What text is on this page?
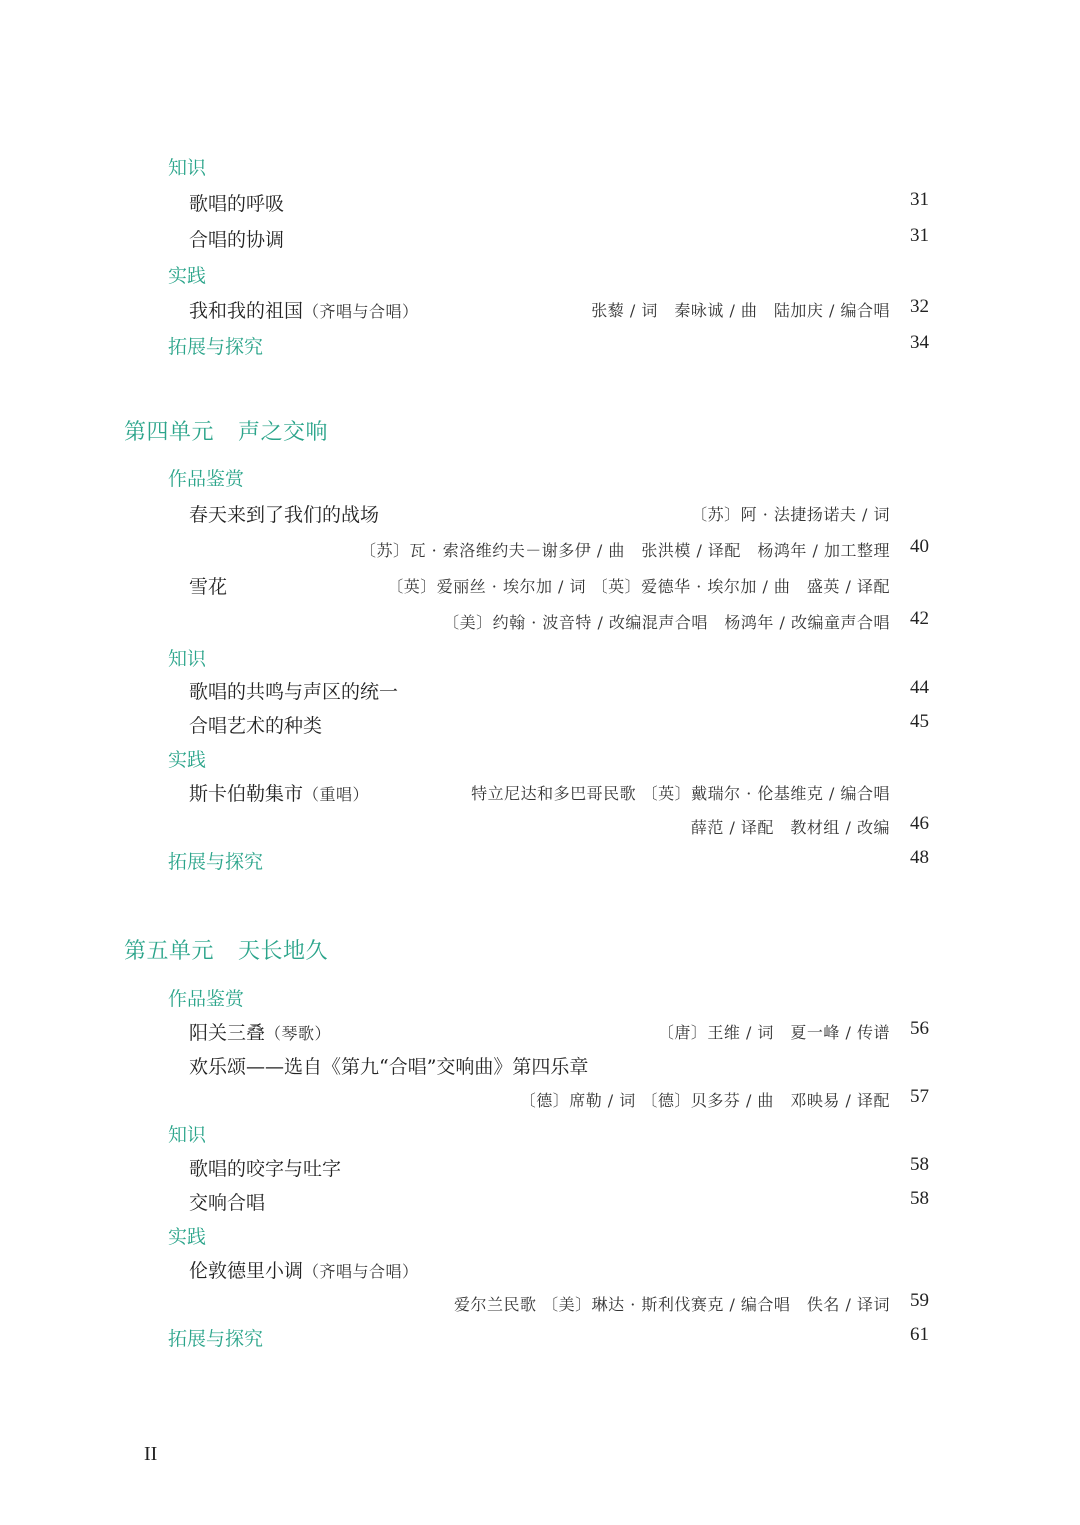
知识
歌唱的呼吸	31
合唱的协调	31
实践
我和我的祖国（齐唱与合唱）	张藜 / 词　秦咏诚 / 曲　陆加庆 / 编合唱	32
拓展与探究	34
第四单元 声之交响
作品鉴赏
春天来到了我们的战场	〔苏〕阿 · 法捷扬诺夫 / 词
〔苏〕瓦 · 索洛维约夫－谢多伊 / 曲　张洪模 / 译配　杨鸿年 / 加工整理	40
雪花	〔英〕爱丽丝 · 埃尔加 / 词 〔英〕爱德华 · 埃尔加 / 曲　盛英 / 译配
〔美〕约翰 · 波音特 / 改编混声合唱　杨鸿年 / 改编童声合唱	42
知识
歌唱的共鸣与声区的统一	44
合唱艺术的种类	45
实践
斯卡伯勒集市（重唱）	特立尼达和多巴哥民歌 〔英〕戴瑞尔 · 伦基维克 / 编合唱
薛范 / 译配　教材组 / 改编	46
拓展与探究	48
第五单元 天长地久
作品鉴赏
阳关三叠（琴歌）	〔唐〕王维 / 词　夏一峰 / 传谱	56
欢乐颂——选自《第九“合唱”交响曲》第四乐章
〔德〕席勒 / 词 〔德〕贝多芬 / 曲　邓映易 / 译配	57
知识
歌唱的咬字与吐字	58
交响合唱	58
实践
伦敦德里小调（齐唱与合唱）
爱尔兰民歌 〔美〕琳达 · 斯利伐赛克 / 编合唱　佚名 / 译词	59
拓展与探究	61
II
